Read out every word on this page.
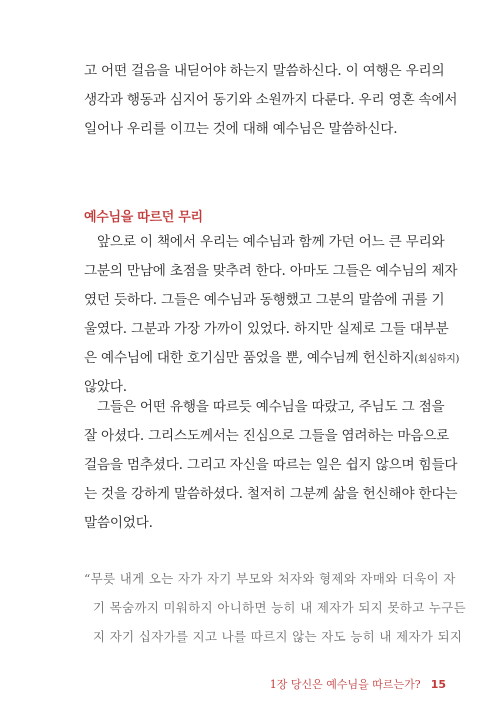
고 어떤 걸음을 내딛어야 하는지 말씀하신다. 이 여행은 우리의
생각과 행동과 심지어 동기와 소원까지 다룬다. 우리 영혼 속에서
일어나 우리를 이끄는 것에 대해 예수님은 말씀하신다.
예수님을 따르던 무리
앞으로 이 책에서 우리는 예수님과 함께 가던 어느 큰 무리와
그분의 만남에 초점을 맞추려 한다. 아마도 그들은 예수님의 제자
였던 듯하다. 그들은 예수님과 동행했고 그분의 말씀에 귀를 기
울였다. 그분과 가장 가까이 있었다. 하지만 실제로 그들 대부분
은 예수님에 대한 호기심만 품었을 뿐, 예수님께 헌신하지(회심하지)
않았다.
그들은 어떤 유행을 따르듯 예수님을 따랐고, 주님도 그 점을
잘 아셨다. 그리스도께서는 진심으로 그들을 염려하는 마음으로
걸음을 멈추셨다. 그리고 자신을 따르는 일은 쉽지 않으며 힘들다
는 것을 강하게 말씀하셨다. 철저히 그분께 삶을 헌신해야 한다는
말씀이었다.
“무릇 내게 오는 자가 자기 부모와 처자와 형제와 자매와 더욱이 자
기 목숨까지 미워하지 아니하면 능히 내 제자가 되지 못하고 누구든
지 자기 십자가를 지고 나를 따르지 않는 자도 능히 내 제자가 되지
1장 당신은 예수님을 따르는가? 15
